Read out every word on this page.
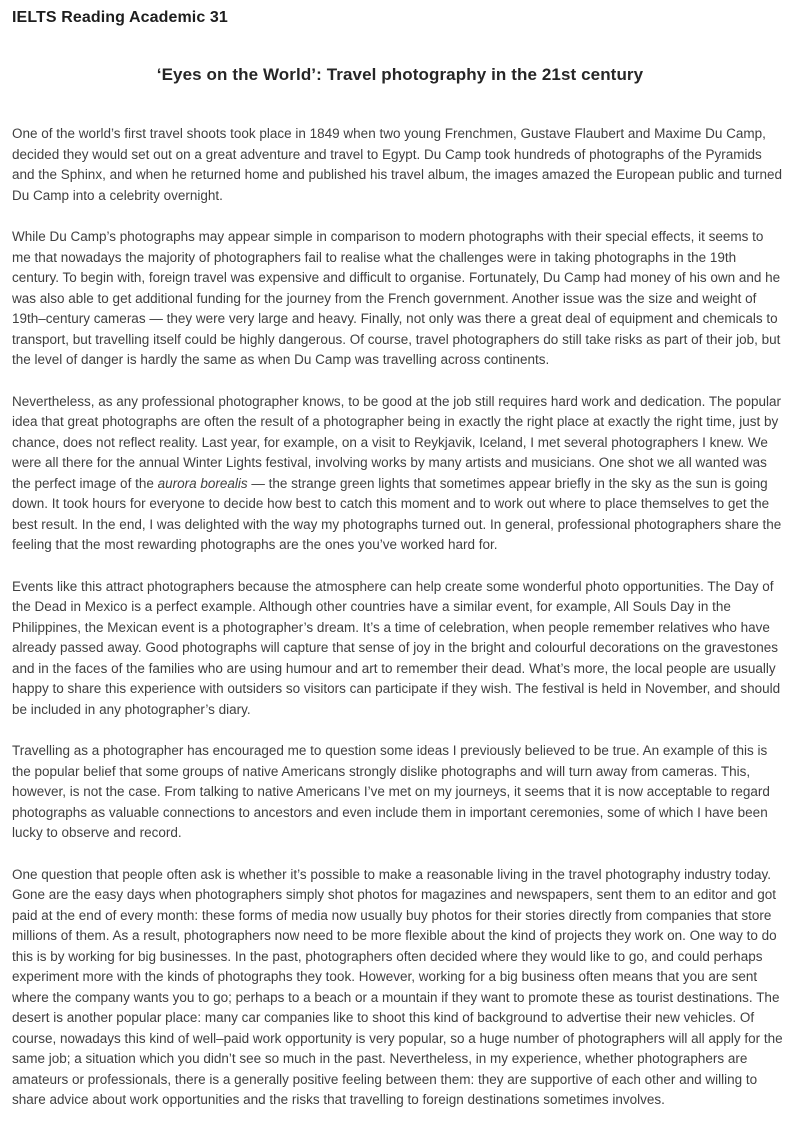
IELTS Reading Academic 31
‘Eyes on the World’: Travel photography in the 21st century

One of the world’s first travel shoots took place in 1849 when two young Frenchmen, Gustave Flaubert and Maxime Du Camp, decided they would set out on a great adventure and travel to Egypt. Du Camp took hundreds of photographs of the Pyramids and the Sphinx, and when he returned home and published his travel album, the images amazed the European public and turned Du Camp into a celebrity overnight.

While Du Camp’s photographs may appear simple in comparison to modern photographs with their special effects, it seems to me that nowadays the majority of photographers fail to realise what the challenges were in taking photographs in the 19th century. To begin with, foreign travel was expensive and difficult to organise. Fortunately, Du Camp had money of his own and he was also able to get additional funding for the journey from the French government. Another issue was the size and weight of 19th–century cameras — they were very large and heavy. Finally, not only was there a great deal of equipment and chemicals to transport, but travelling itself could be highly dangerous. Of course, travel photographers do still take risks as part of their job, but the level of danger is hardly the same as when Du Camp was travelling across continents.

Nevertheless, as any professional photographer knows, to be good at the job still requires hard work and dedication. The popular idea that great photographs are often the result of a photographer being in exactly the right place at exactly the right time, just by chance, does not reflect reality. Last year, for example, on a visit to Reykjavik, Iceland, I met several photographers I knew. We were all there for the annual Winter Lights festival, involving works by many artists and musicians. One shot we all wanted was the perfect image of the aurora borealis — the strange green lights that sometimes appear briefly in the sky as the sun is going down. It took hours for everyone to decide how best to catch this moment and to work out where to place themselves to get the best result. In the end, I was delighted with the way my photographs turned out. In general, professional photographers share the feeling that the most rewarding photographs are the ones you’ve worked hard for.

Events like this attract photographers because the atmosphere can help create some wonderful photo opportunities. The Day of the Dead in Mexico is a perfect example. Although other countries have a similar event, for example, All Souls Day in the Philippines, the Mexican event is a photographer’s dream. It’s a time of celebration, when people remember relatives who have already passed away. Good photographs will capture that sense of joy in the bright and colourful decorations on the gravestones and in the faces of the families who are using humour and art to remember their dead. What’s more, the local people are usually happy to share this experience with outsiders so visitors can participate if they wish. The festival is held in November, and should be included in any photographer’s diary.

Travelling as a photographer has encouraged me to question some ideas I previously believed to be true. An example of this is the popular belief that some groups of native Americans strongly dislike photographs and will turn away from cameras. This, however, is not the case. From talking to native Americans I’ve met on my journeys, it seems that it is now acceptable to regard photographs as valuable connections to ancestors and even include them in important ceremonies, some of which I have been lucky to observe and record.

One question that people often ask is whether it’s possible to make a reasonable living in the travel photography industry today. Gone are the easy days when photographers simply shot photos for magazines and newspapers, sent them to an editor and got paid at the end of every month: these forms of media now usually buy photos for their stories directly from companies that store millions of them. As a result, photographers now need to be more flexible about the kind of projects they work on. One way to do this is by working for big businesses. In the past, photographers often decided where they would like to go, and could perhaps experiment more with the kinds of photographs they took. However, working for a big business often means that you are sent where the company wants you to go; perhaps to a beach or a mountain if they want to promote these as tourist destinations. The desert is another popular place: many car companies like to shoot this kind of background to advertise their new vehicles. Of course, nowadays this kind of well–paid work opportunity is very popular, so a huge number of photographers will all apply for the same job; a situation which you didn’t see so much in the past. Nevertheless, in my experience, whether photographers are amateurs or professionals, there is a generally positive feeling between them: they are supportive of each other and willing to share advice about work opportunities and the risks that travelling to foreign destinations sometimes involves.
